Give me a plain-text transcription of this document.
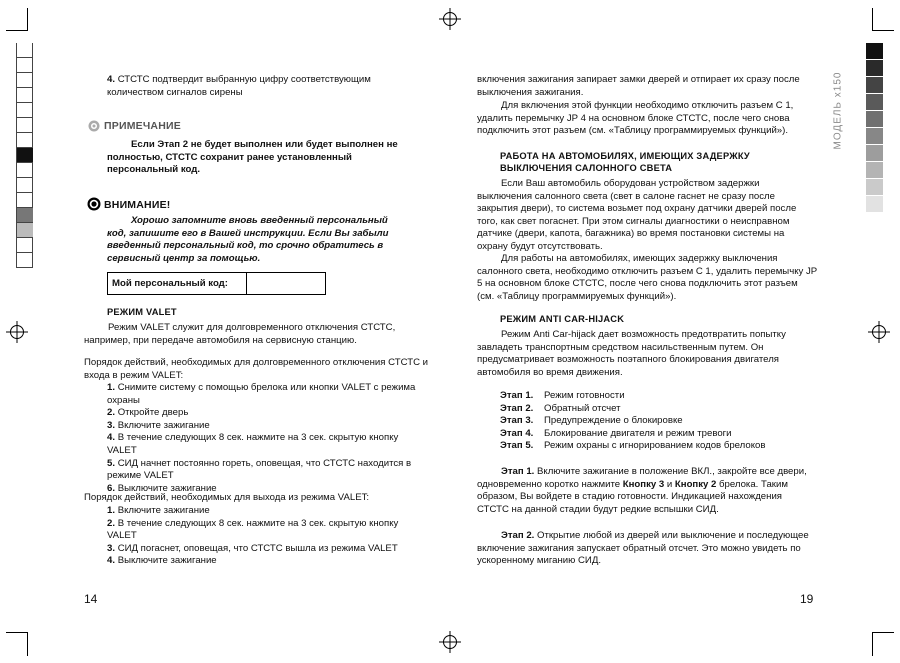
МОДЕЛЬ x150
4. СТСТС подтвердит выбранную цифру соответствующим количеством сигналов сирены
ПРИМЕЧАНИЕ
Если Этап 2 не будет выполнен или будет выполнен не полностью, СТСТС сохранит ранее установленный персональный код.
ВНИМАНИЕ!
Хорошо запомните вновь введенный персональный код, запишите его в Вашей инструкции. Если Вы забыли введенный персональный код, то срочно обратитесь в сервисный центр за помощью.
Мой персональный код:	
РЕЖИМ VALET
Режим VALET служит для долговременного отключения СТСТС, например, при передаче автомобиля на сервисную станцию.
Порядок действий, необходимых для долговременного отключения СТСТС и входа в режим VALET:
1. Снимите систему с помощью брелока или кнопки VALET с режима охраны
2. Откройте дверь
3. Включите зажигание
4. В течение следующих 8 сек. нажмите на 3 сек. скрытую кнопку VALET
5. СИД начнет постоянно гореть, оповещая, что СТСТС находится в режиме VALET
6. Выключите зажигание
Порядок действий, необходимых для выхода из режима VALET:
1. Включите зажигание
2. В течение следующих 8 сек. нажмите на 3 сек. скрытую кнопку VALET
3. СИД погаснет, оповещая, что СТСТС вышла из режима VALET
4. Выключите зажигание
14
включения зажигания запирает замки дверей и отпирает их сразу после выключения зажигания.
Для включения этой функции необходимо отключить разъем С 1, удалить перемычку JP 4 на основном блоке СТСТС, после чего снова подключить этот разъем (см. «Таблицу программируемых функций»).
РАБОТА НА АВТОМОБИЛЯХ, ИМЕЮЩИХ ЗАДЕРЖКУ ВЫКЛЮЧЕНИЯ САЛОННОГО СВЕТА
Если Ваш автомобиль оборудован устройством задержки выключения салонного света (свет в салоне гаснет не сразу после закрытия двери), то система возьмет под охрану датчики дверей после того, как свет погаснет. При этом сигналы диагностики о неисправном датчике (двери, капота, багажника) во время постановки системы на охрану будут отсутствовать.
Для работы на автомобилях, имеющих задержку выключения салонного света, необходимо отключить разъем С 1, удалить перемычку JP 5 на основном блоке СТСТС, после чего снова подключить этот разъем (см. «Таблицу программируемых функций»).
РЕЖИМ ANTI CAR-HIJACK
Режим Anti Car-hijack дает возможность предотвратить попытку завладеть транспортным средством насильственным путем. Он предусматривает возможность поэтапного блокирования двигателя автомобиля во время движения.
Этап 1.	Режим готовности
Этап 2.	Обратный отсчет
Этап 3.	Предупреждение о блокировке
Этап 4.	Блокирование двигателя и режим тревоги
Этап 5.	Режим охраны с игнорированием кодов брелоков
Этап 1. Включите зажигание в положение ВКЛ., закройте все двери, одновременно коротко нажмите Кнопку 3 и Кнопку 2 брелока. Таким образом, Вы войдете в стадию готовности. Индикацией нахождения СТСТС на данной стадии будут редкие вспышки СИД.
Этап 2. Открытие любой из дверей или выключение и последующее включение зажигания запускает обратный отсчет. Это можно увидеть по ускоренному миганию СИД.
19
